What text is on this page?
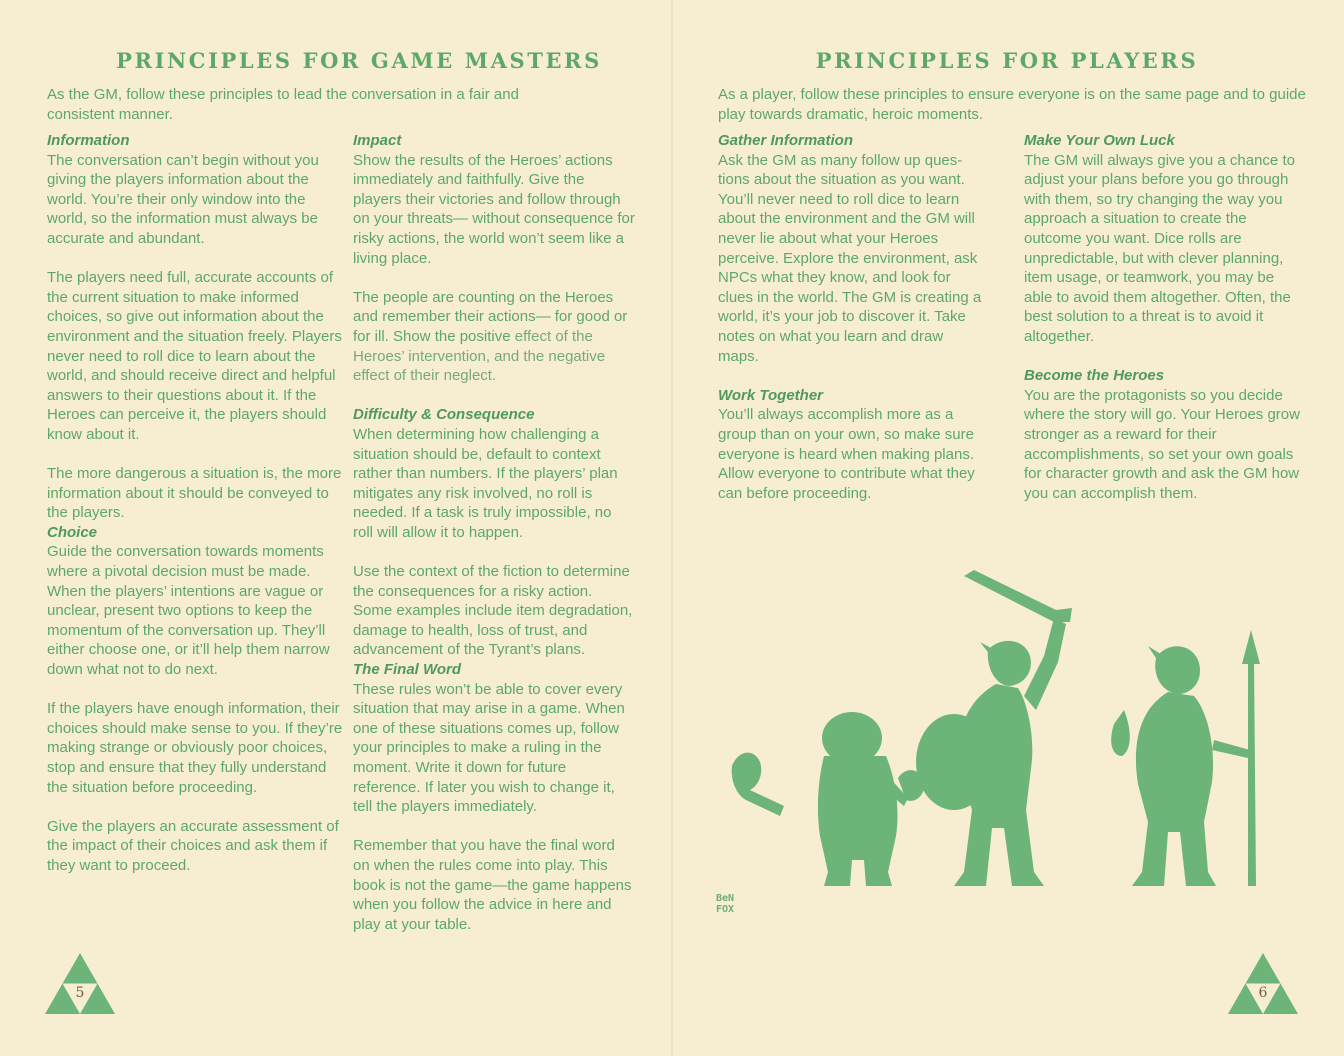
PRINCIPLES FOR GAME MASTERS

As the GM, follow these principles to lead the conversation in a fair and consistent manner.

Information

The conversation can’t begin without you giving the players information about the world. You’re their only window into the world, so the information must always be accurate and abundant.

The players need full, accurate accounts of the current situation to make informed choices, so give out information about the environment and the situation freely. Players never need to roll dice to learn about the world, and should receive direct and helpful answers to their questions about it. If the Heroes can perceive it, the players should know about it.

The more dangerous a situation is, the more information about it should be conveyed to the players.

Choice

Guide the conversation towards moments where a pivotal decision must be made. When the players’ intentions are vague or unclear, present two options to keep the momentum of the conversation up. They’ll either choose one, or it’ll help them narrow down what not to do next.

If the players have enough information, their choices should make sense to you. If they’re making strange or obviously poor choices, stop and ensure that they fully understand the situation before proceeding.

Give the players an accurate assessment of the impact of their choices and ask them if they want to proceed.

Impact

Show the results of the Heroes’ actions immediately and faithfully. Give the players their victories and follow through on your threats— without consequence for risky actions, the world won’t seem like a living place.

The people are counting on the Heroes and remember their actions— for good or for ill. Show the positive effect of the Heroes’ intervention, and the negative effect of their neglect.

Difficulty & Consequence

When determining how challenging a situation should be, default to context rather than numbers. If the players’ plan mitigates any risk involved, no roll is needed. If a task is truly impossible, no roll will allow it to happen.

Use the context of the fiction to determine the consequences for a risky action. Some examples include item degradation, damage to health, loss of trust, and advancement of the Tyrant’s plans.

The Final Word

These rules won’t be able to cover every situation that may arise in a game. When one of these situations comes up, follow your principles to make a ruling in the moment. Write it down for future reference. If later you wish to change it, tell the players immediately.

Remember that you have the final word on when the rules come into play. This book is not the game—the game happens when you follow the advice in here and play at your table.

5
PRINCIPLES FOR PLAYERS

As a player, follow these principles to ensure everyone is on the same page and to guide play towards dramatic, heroic moments.

Gather Information

Ask the GM as many follow up ques- tions about the situation as you want. You’ll never need to roll dice to learn about the environment and the GM will never lie about what your Heroes perceive. Explore the environment, ask NPCs what they know, and look for clues in the world. The GM is creating a world, it’s your job to discover it. Take notes on what you learn and draw maps.

Work Together

You’ll always accomplish more as a group than on your own, so make sure everyone is heard when making plans. Allow everyone to contribute what they can before proceeding.

Make Your Own Luck

The GM will always give you a chance to adjust your plans before you go through with them, so try changing the way you approach a situation to create the outcome you want. Dice rolls are unpredictable, but with clever planning, item usage, or teamwork, you may be able to avoid them altogether. Often, the best solution to a threat is to avoid it altogether.

Become the Heroes

You are the protagonists so you decide where the story will go. Your Heroes grow stronger as a reward for their accomplishments, so set your own goals for character growth and ask the GM how you can accomplish them.

BeN FOX
6
